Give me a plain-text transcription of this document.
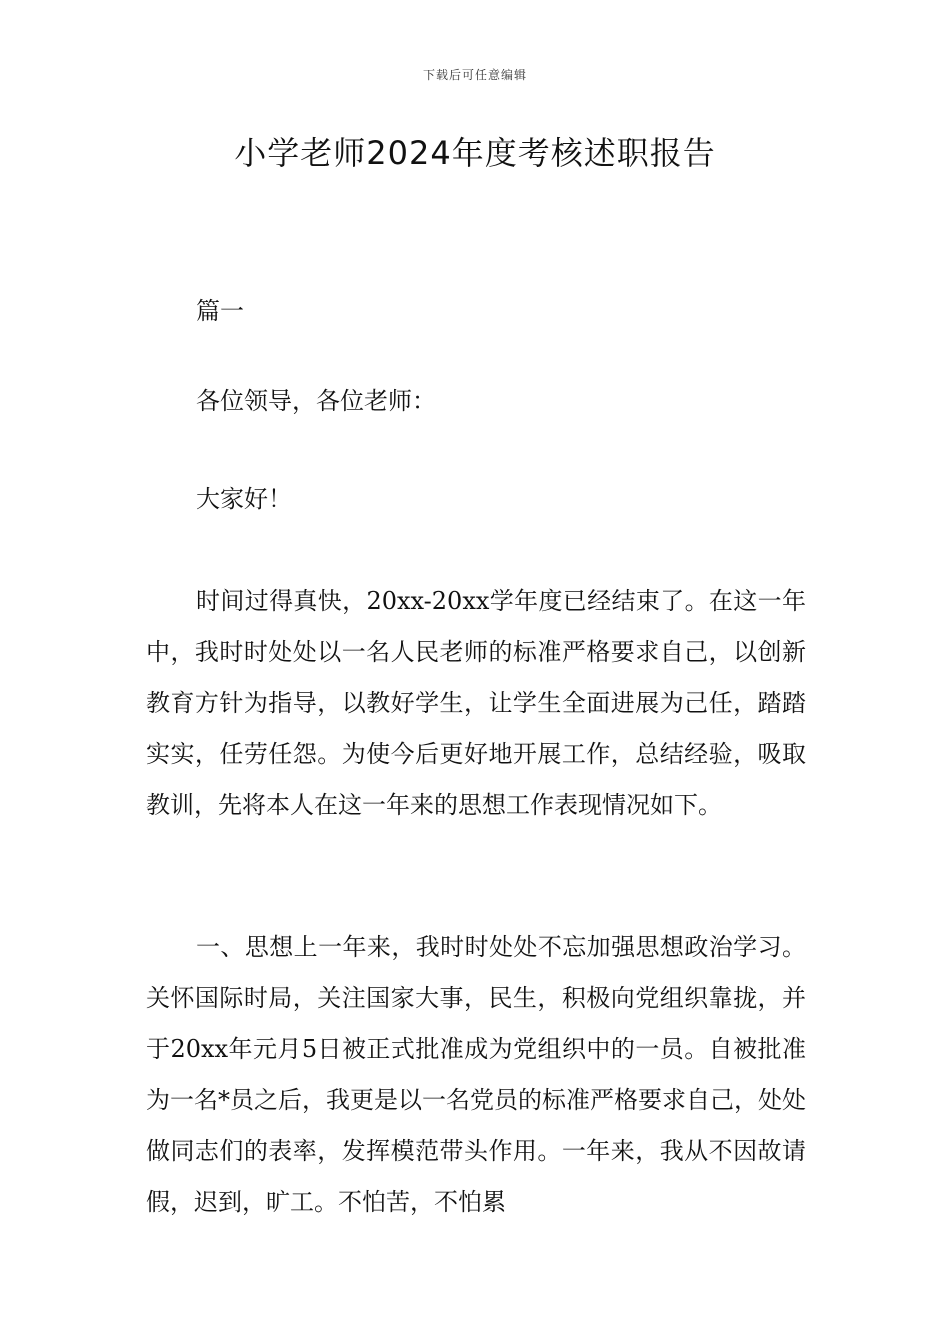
下载后可任意编辑
小学老师2024年度考核述职报告

篇一

各位领导，各位老师：

大家好！

时间过得真快，20xx-20xx学年度已经结束了。在这一年中，我时时处处以一名人民老师的标准严格要求自己，以创新教育方针为指导，以教好学生，让学生全面进展为己任，踏踏实实，任劳任怨。为使今后更好地开展工作，总结经验，吸取教训，先将本人在这一年来的思想工作表现情况如下。

一、思想上一年来，我时时处处不忘加强思想政治学习。关怀国际时局，关注国家大事，民生，积极向党组织靠拢，并于20xx年元月5日被正式批准成为党组织中的一员。自被批准为一名*员之后，我更是以一名党员的标准严格要求自己，处处做同志们的表率，发挥模范带头作用。一年来，我从不因故请假，迟到，旷工。不怕苦，不怕累
